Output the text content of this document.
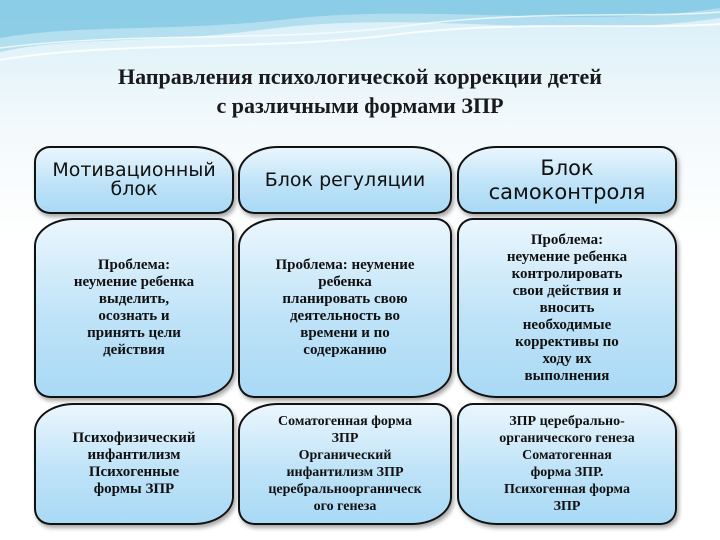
Направления психологической коррекции детей
с различными формами ЗПР
Мотивационный
блок	Блок регуляции	Блок
самоконтроля
Проблема:
неумение ребенка
выделить,
осознать и
принять цели
действия
Проблема: неумение
ребенка
планировать свою
деятельность во
времени и по
содержанию
Проблема:
неумение ребенка
контролировать
свои действия и
вносить
необходимые
коррективы по
ходу их
выполнения
Психофизический
инфантилизм
Психогенные
формы ЗПР
Соматогенная форма
ЗПР
Органический
инфантилизм ЗПР
церебральноорганическ
ого генеза
ЗПР церебрально-
органического генеза
Соматогенная
форма ЗПР.
Психогенная форма
ЗПР
